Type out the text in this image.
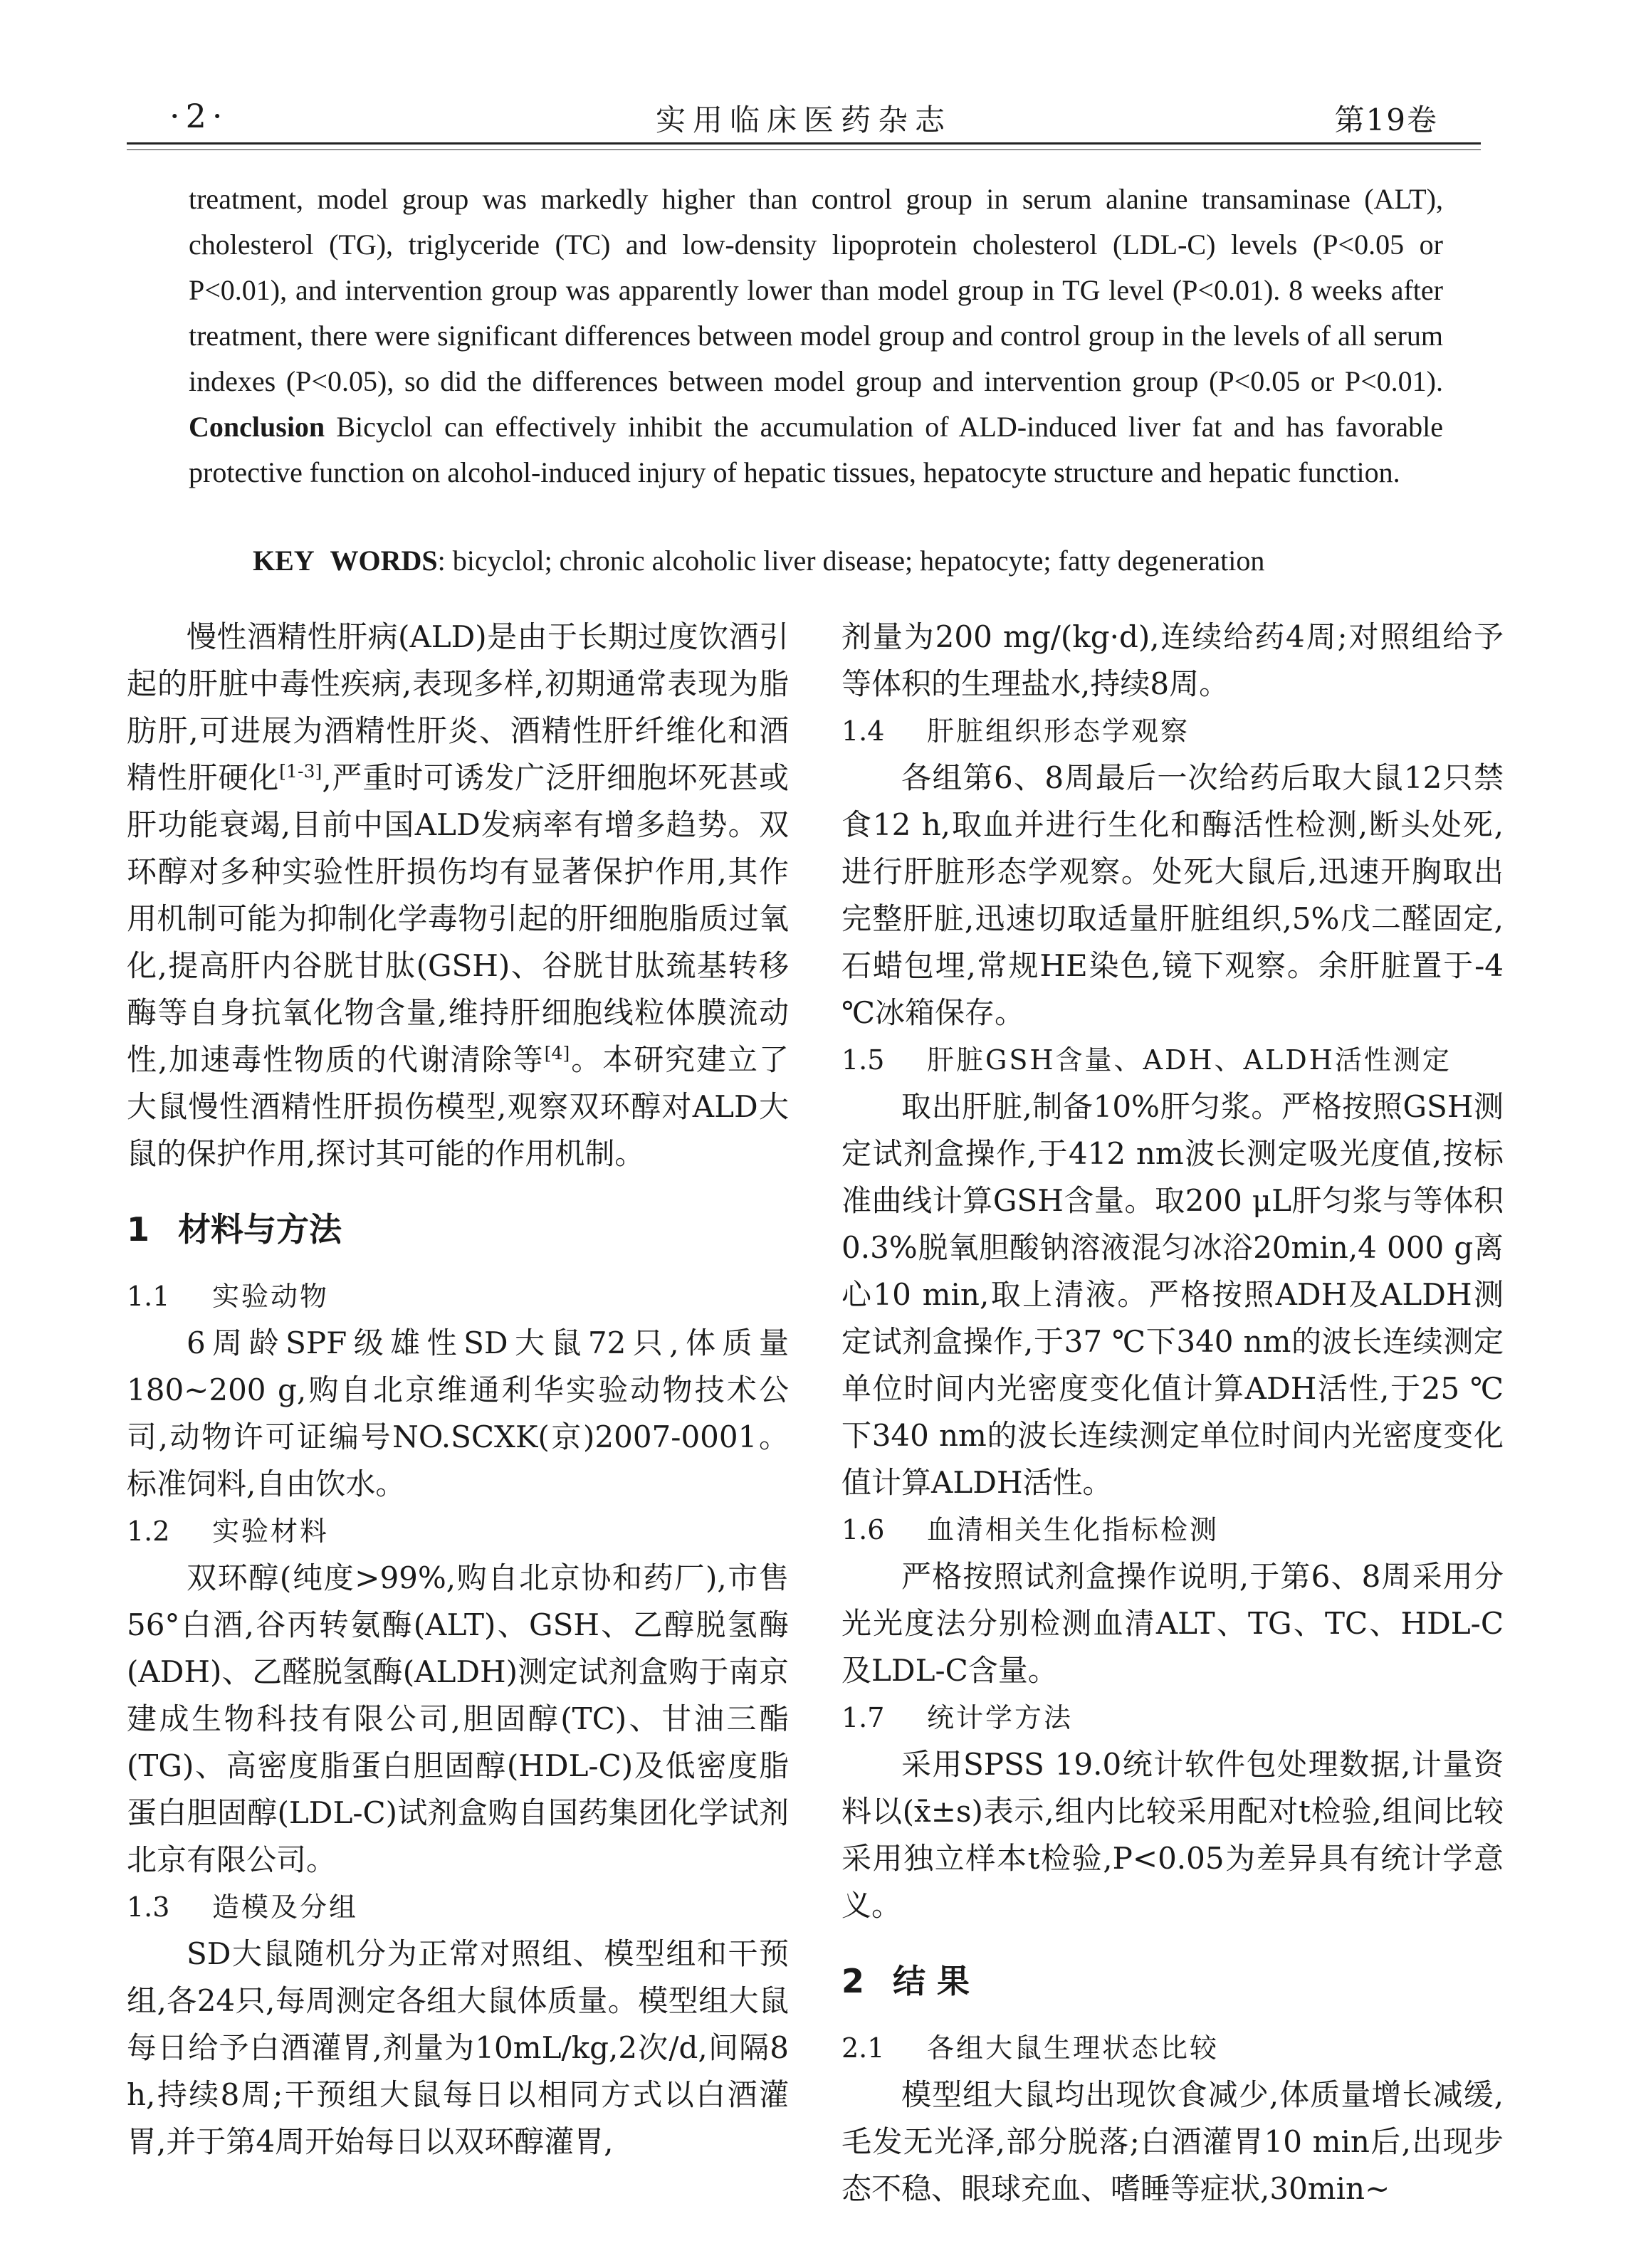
·2·	实用临床医药杂志	第19卷

treatment, model group was markedly higher than control group in serum alanine transaminase (ALT), cholesterol (TG), triglyceride (TC) and low-density lipoprotein cholesterol (LDL-C) levels (P<0.05 or P<0.01), and intervention group was apparently lower than model group in TG level (P<0.01). 8 weeks after treatment, there were significant differences between model group and control group in the levels of all serum indexes (P<0.05), so did the differences between model group and intervention group (P<0.05 or P<0.01). Conclusion Bicyclol can effectively inhibit the accumulation of ALD-induced liver fat and has favorable protective function on alcohol-induced injury of hepatic tissues, hepatocyte structure and hepatic function.

KEY WORDS: bicyclol; chronic alcoholic liver disease; hepatocyte; fatty degeneration

慢性酒精性肝病(ALD)是由于长期过度饮酒引起的肝脏中毒性疾病,表现多样,初期通常表现为脂肪肝,可进展为酒精性肝炎、酒精性肝纤维化和酒精性肝硬化[1-3],严重时可诱发广泛肝细胞坏死甚或肝功能衰竭,目前中国ALD发病率有增多趋势。双环醇对多种实验性肝损伤均有显著保护作用,其作用机制可能为抑制化学毒物引起的肝细胞脂质过氧化,提高肝内谷胱甘肽(GSH)、谷胱甘肽巯基转移酶等自身抗氧化物含量,维持肝细胞线粒体膜流动性,加速毒性物质的代谢清除等[4]。本研究建立了大鼠慢性酒精性肝损伤模型,观察双环醇对ALD大鼠的保护作用,探讨其可能的作用机制。

1 材料与方法
1.1 实验动物

6周龄SPF级雄性SD大鼠72只,体质量180~200 g,购自北京维通利华实验动物技术公司,动物许可证编号NO.SCXK(京)2007-0001。标准饲料,自由饮水。

1.2 实验材料

双环醇(纯度>99%,购自北京协和药厂),市售56°白酒,谷丙转氨酶(ALT)、GSH、乙醇脱氢酶(ADH)、乙醛脱氢酶(ALDH)测定试剂盒购于南京建成生物科技有限公司,胆固醇(TC)、甘油三酯(TG)、高密度脂蛋白胆固醇(HDL-C)及低密度脂蛋白胆固醇(LDL-C)试剂盒购自国药集团化学试剂北京有限公司。

1.3 造模及分组

SD大鼠随机分为正常对照组、模型组和干预组,各24只,每周测定各组大鼠体质量。模型组大鼠每日给予白酒灌胃,剂量为10mL/kg,2次/d,间隔8 h,持续8周;干预组大鼠每日以相同方式以白酒灌胃,并于第4周开始每日以双环醇灌胃,

剂量为200 mg/(kg·d),连续给药4周;对照组给予等体积的生理盐水,持续8周。

1.4 肝脏组织形态学观察

各组第6、8周最后一次给药后取大鼠12只禁食12 h,取血并进行生化和酶活性检测,断头处死,进行肝脏形态学观察。处死大鼠后,迅速开胸取出完整肝脏,迅速切取适量肝脏组织,5%戊二醛固定,石蜡包埋,常规HE染色,镜下观察。余肝脏置于-4 ℃冰箱保存。

1.5 肝脏GSH含量、ADH、ALDH活性测定

取出肝脏,制备10%肝匀浆。严格按照GSH测定试剂盒操作,于412 nm波长测定吸光度值,按标准曲线计算GSH含量。取200 μL肝匀浆与等体积0.3%脱氧胆酸钠溶液混匀冰浴20min,4 000 g离心10 min,取上清液。严格按照ADH及ALDH测定试剂盒操作,于37 ℃下340 nm的波长连续测定单位时间内光密度变化值计算ADH活性,于25 ℃下340 nm的波长连续测定单位时间内光密度变化值计算ALDH活性。

1.6 血清相关生化指标检测

严格按照试剂盒操作说明,于第6、8周采用分光光度法分别检测血清ALT、TG、TC、HDL-C及LDL-C含量。

1.7 统计学方法

采用SPSS 19.0统计软件包处理数据,计量资料以(x̄±s)表示,组内比较采用配对t检验,组间比较采用独立样本t检验,P<0.05为差异具有统计学意义。

2 结 果
2.1 各组大鼠生理状态比较

模型组大鼠均出现饮食减少,体质量增长减缓,毛发无光泽,部分脱落;白酒灌胃10 min后,出现步态不稳、眼球充血、嗜睡等症状,30min~
